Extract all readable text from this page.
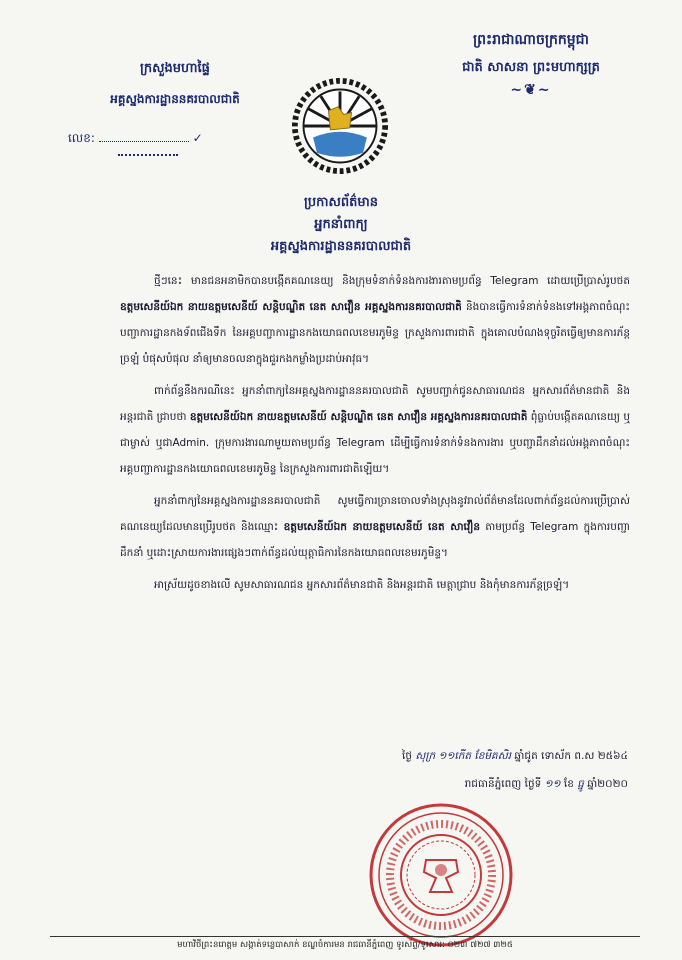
ព្រះរាជាណាចក្រកម្ពុជា
ជាតិ សាសនា ព្រះមហាក្សត្រ
~❦~
ក្រសួងមហាផ្ទៃ
អគ្គស្នងការដ្ឋាននគរបាលជាតិ
លេខ:	✓
ប្រកាសព័ត៌មាន
អ្នកនាំពាក្យ
អគ្គស្នងការដ្ឋាននគរបាលជាតិ

ថ្មីៗនេះ មានជនអនាមិកបានបង្កើតគណនេយ្យ និងក្រុមទំនាក់ទំនងការងារតាមប្រព័ន្ធ Telegram ដោយប្រើប្រាស់រូបថត ឧត្តមសេនីយ៍ឯក នាយឧត្តមសេនីយ៍ សន្តិបណ្ឌិត នេត សាវឿន អគ្គស្នងការនគរបាលជាតិ និងបានធ្វើការទំនាក់ទំនងទៅអង្គភាពចំណុះបញ្ជាការដ្ឋានកងទ័ពជើងទឹក នៃអគ្គបញ្ជាការដ្ឋានកងយោធពលខេមរភូមិន្ទ ក្រសួងការពារជាតិ ក្នុងគោលបំណងទុច្ចរិតធ្វើឲ្យមានការភ័ន្តច្រឡំ បំផុសបំផុល នាំឲ្យមានចលនាក្នុងជួរកងកម្លាំងប្រដាប់អាវុធ។

ពាក់ព័ន្ធនឹងករណីនេះ អ្នកនាំពាក្យនៃអគ្គស្នងការដ្ឋាននគរបាលជាតិ សូមបញ្ជាក់ជូនសាធារណជន អ្នកសារព័ត៌មានជាតិ និងអន្តរជាតិ ជ្រាបថា ឧត្តមសេនីយ៍ឯក នាយឧត្តមសេនីយ៍ សន្តិបណ្ឌិត នេត សាវឿន អគ្គស្នងការនគរបាលជាតិ ពុំធ្លាប់បង្កើតគណនេយ្យ ឬជាម្ចាស់ ឬជាAdmin. ក្រុមការងារណាមួយតាមប្រព័ន្ធ Telegram ដើម្បីធ្វើការទំនាក់ទំនងការងារ ឬបញ្ជាដឹកនាំដល់អង្គភាពចំណុះអគ្គបញ្ជាការដ្ឋានកងយោធពលខេមរភូមិន្ទ នៃក្រសួងការពារជាតិឡើយ។

អ្នកនាំពាក្យនៃអគ្គស្នងការដ្ឋាននគរបាលជាតិ សូមធ្វើការច្រានចោលទាំងស្រុងនូវរាល់ព័ត៌មានដែលពាក់ព័ន្ធដល់ការប្រើប្រាស់គណនេយ្យដែលមានប្រើរូបថត និងឈ្មោះ ឧត្តមសេនីយ៍ឯក នាយឧត្តមសេនីយ៍ នេត សាវឿន តាមប្រព័ន្ធ Telegram ក្នុងការបញ្ជាដឹកនាំ ឬដោះស្រាយការងារផ្សេងៗពាក់ព័ន្ធដល់យុត្តាធិការនៃកងយោធពលខេមរភូមិន្ទ។

អាស្រ័យដូចខាងលើ សូមសាធារណជន អ្នកសារព័ត៌មានជាតិ និងអន្តរជាតិ មេត្តាជ្រាប និងកុំមានការភ័ន្តច្រឡំ។

ថ្ងៃ សុក្រ ១១កើត ខែមិគសិរ ឆ្នាំជូត ទោស័ក ព.ស ២៥៦៤
រាជធានីភ្នំពេញ ថ្ងៃទី ១១ ខែ ធ្នូ ឆ្នាំ២០២០
មហាវិថីព្រះនរោត្តម សង្កាត់ទន្លេបាសាក់ ខណ្ឌចំការមន រាជធានីភ្នំពេញ ទូរស័ព្ទ/ទូរសារ: ០២៣ ៧២៧ ៣២៥
